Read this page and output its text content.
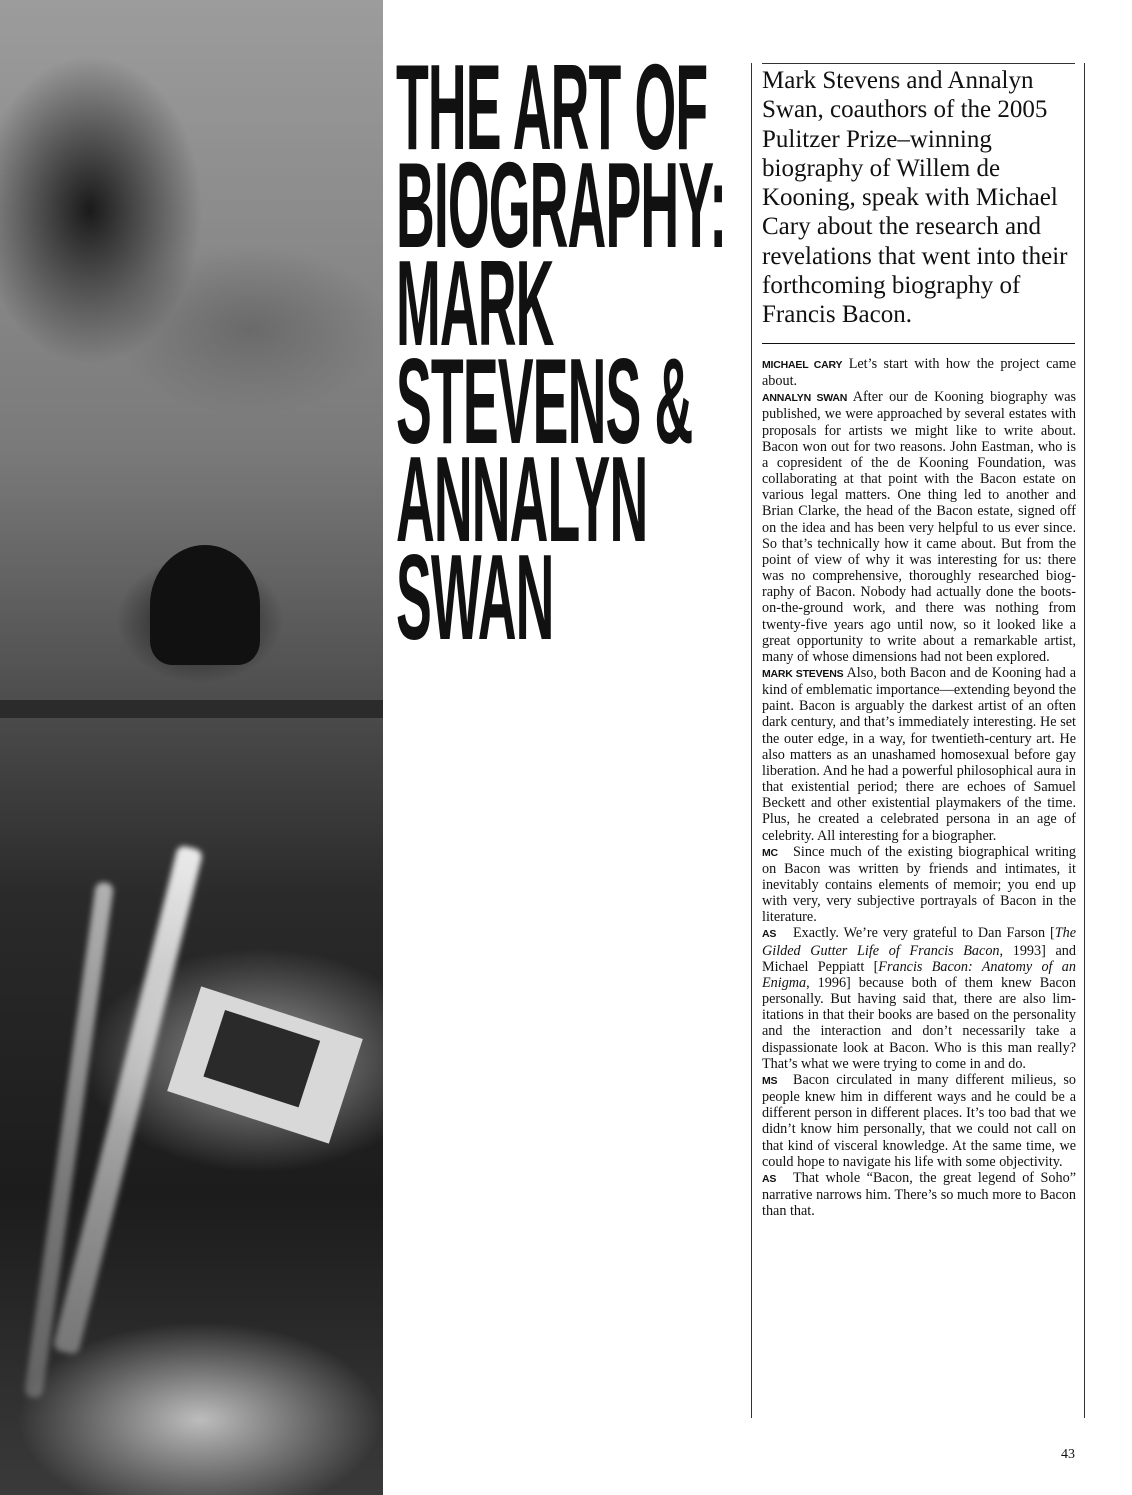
THE ART OF
BIOGRAPHY:
MARK
STEVENS &
ANNALYN
SWAN

Mark Stevens and Annalyn Swan, coauthors of the 2005 Pulitzer Prize–winning biography of Willem de Kooning, speak with Michael Cary about the research and revelations that went into their forthcoming biography of Francis Bacon.

MICHAEL CARY Let’s start with how the project came about.

ANNALYN SWAN After our de Kooning biography was published, we were approached by several estates with proposals for artists we might like to write about. Bacon won out for two reasons. John Eastman, who is a copresident of the de Kooning Foundation, was collaborating at that point with the Bacon estate on various legal matters. One thing led to another and Brian Clarke, the head of the Bacon estate, signed off on the idea and has been very helpful to us ever since. So that’s technically how it came about. But from the point of view of why it was interesting for us: there was no comprehensive, thoroughly researched biography of Bacon. Nobody had actually done the boots-on-the-ground work, and there was nothing from twenty-five years ago until now, so it looked like a great opportunity to write about a remarkable artist, many of whose dimensions had not been explored.

MARK STEVENS Also, both Bacon and de Kooning had a kind of emblematic importance—extending beyond the paint. Bacon is arguably the darkest artist of an often dark century, and that’s immediately interesting. He set the outer edge, in a way, for twentieth-century art. He also matters as an unashamed homosexual before gay liberation. And he had a powerful philosophical aura in that existential period; there are echoes of Samuel Beckett and other existential playmakers of the time. Plus, he created a celebrated persona in an age of celebrity. All interesting for a biographer.

MC Since much of the existing biographical writing on Bacon was written by friends and intimates, it inevitably contains elements of memoir; you end up with very, very subjective portrayals of Bacon in the literature.

AS Exactly. We’re very grateful to Dan Farson [The Gilded Gutter Life of Francis Bacon, 1993] and Michael Peppiatt [Francis Bacon: Anatomy of an Enigma, 1996] because both of them knew Bacon personally. But having said that, there are also limitations in that their books are based on the personality and the interaction and don’t necessarily take a dispassionate look at Bacon. Who is this man really? That’s what we were trying to come in and do.

MS Bacon circulated in many different milieus, so people knew him in different ways and he could be a different person in different places. It’s too bad that we didn’t know him personally, that we could not call on that kind of visceral knowledge. At the same time, we could hope to navigate his life with some objectivity.

AS That whole “Bacon, the great legend of Soho” narrative narrows him. There’s so much more to Bacon than that.

43
